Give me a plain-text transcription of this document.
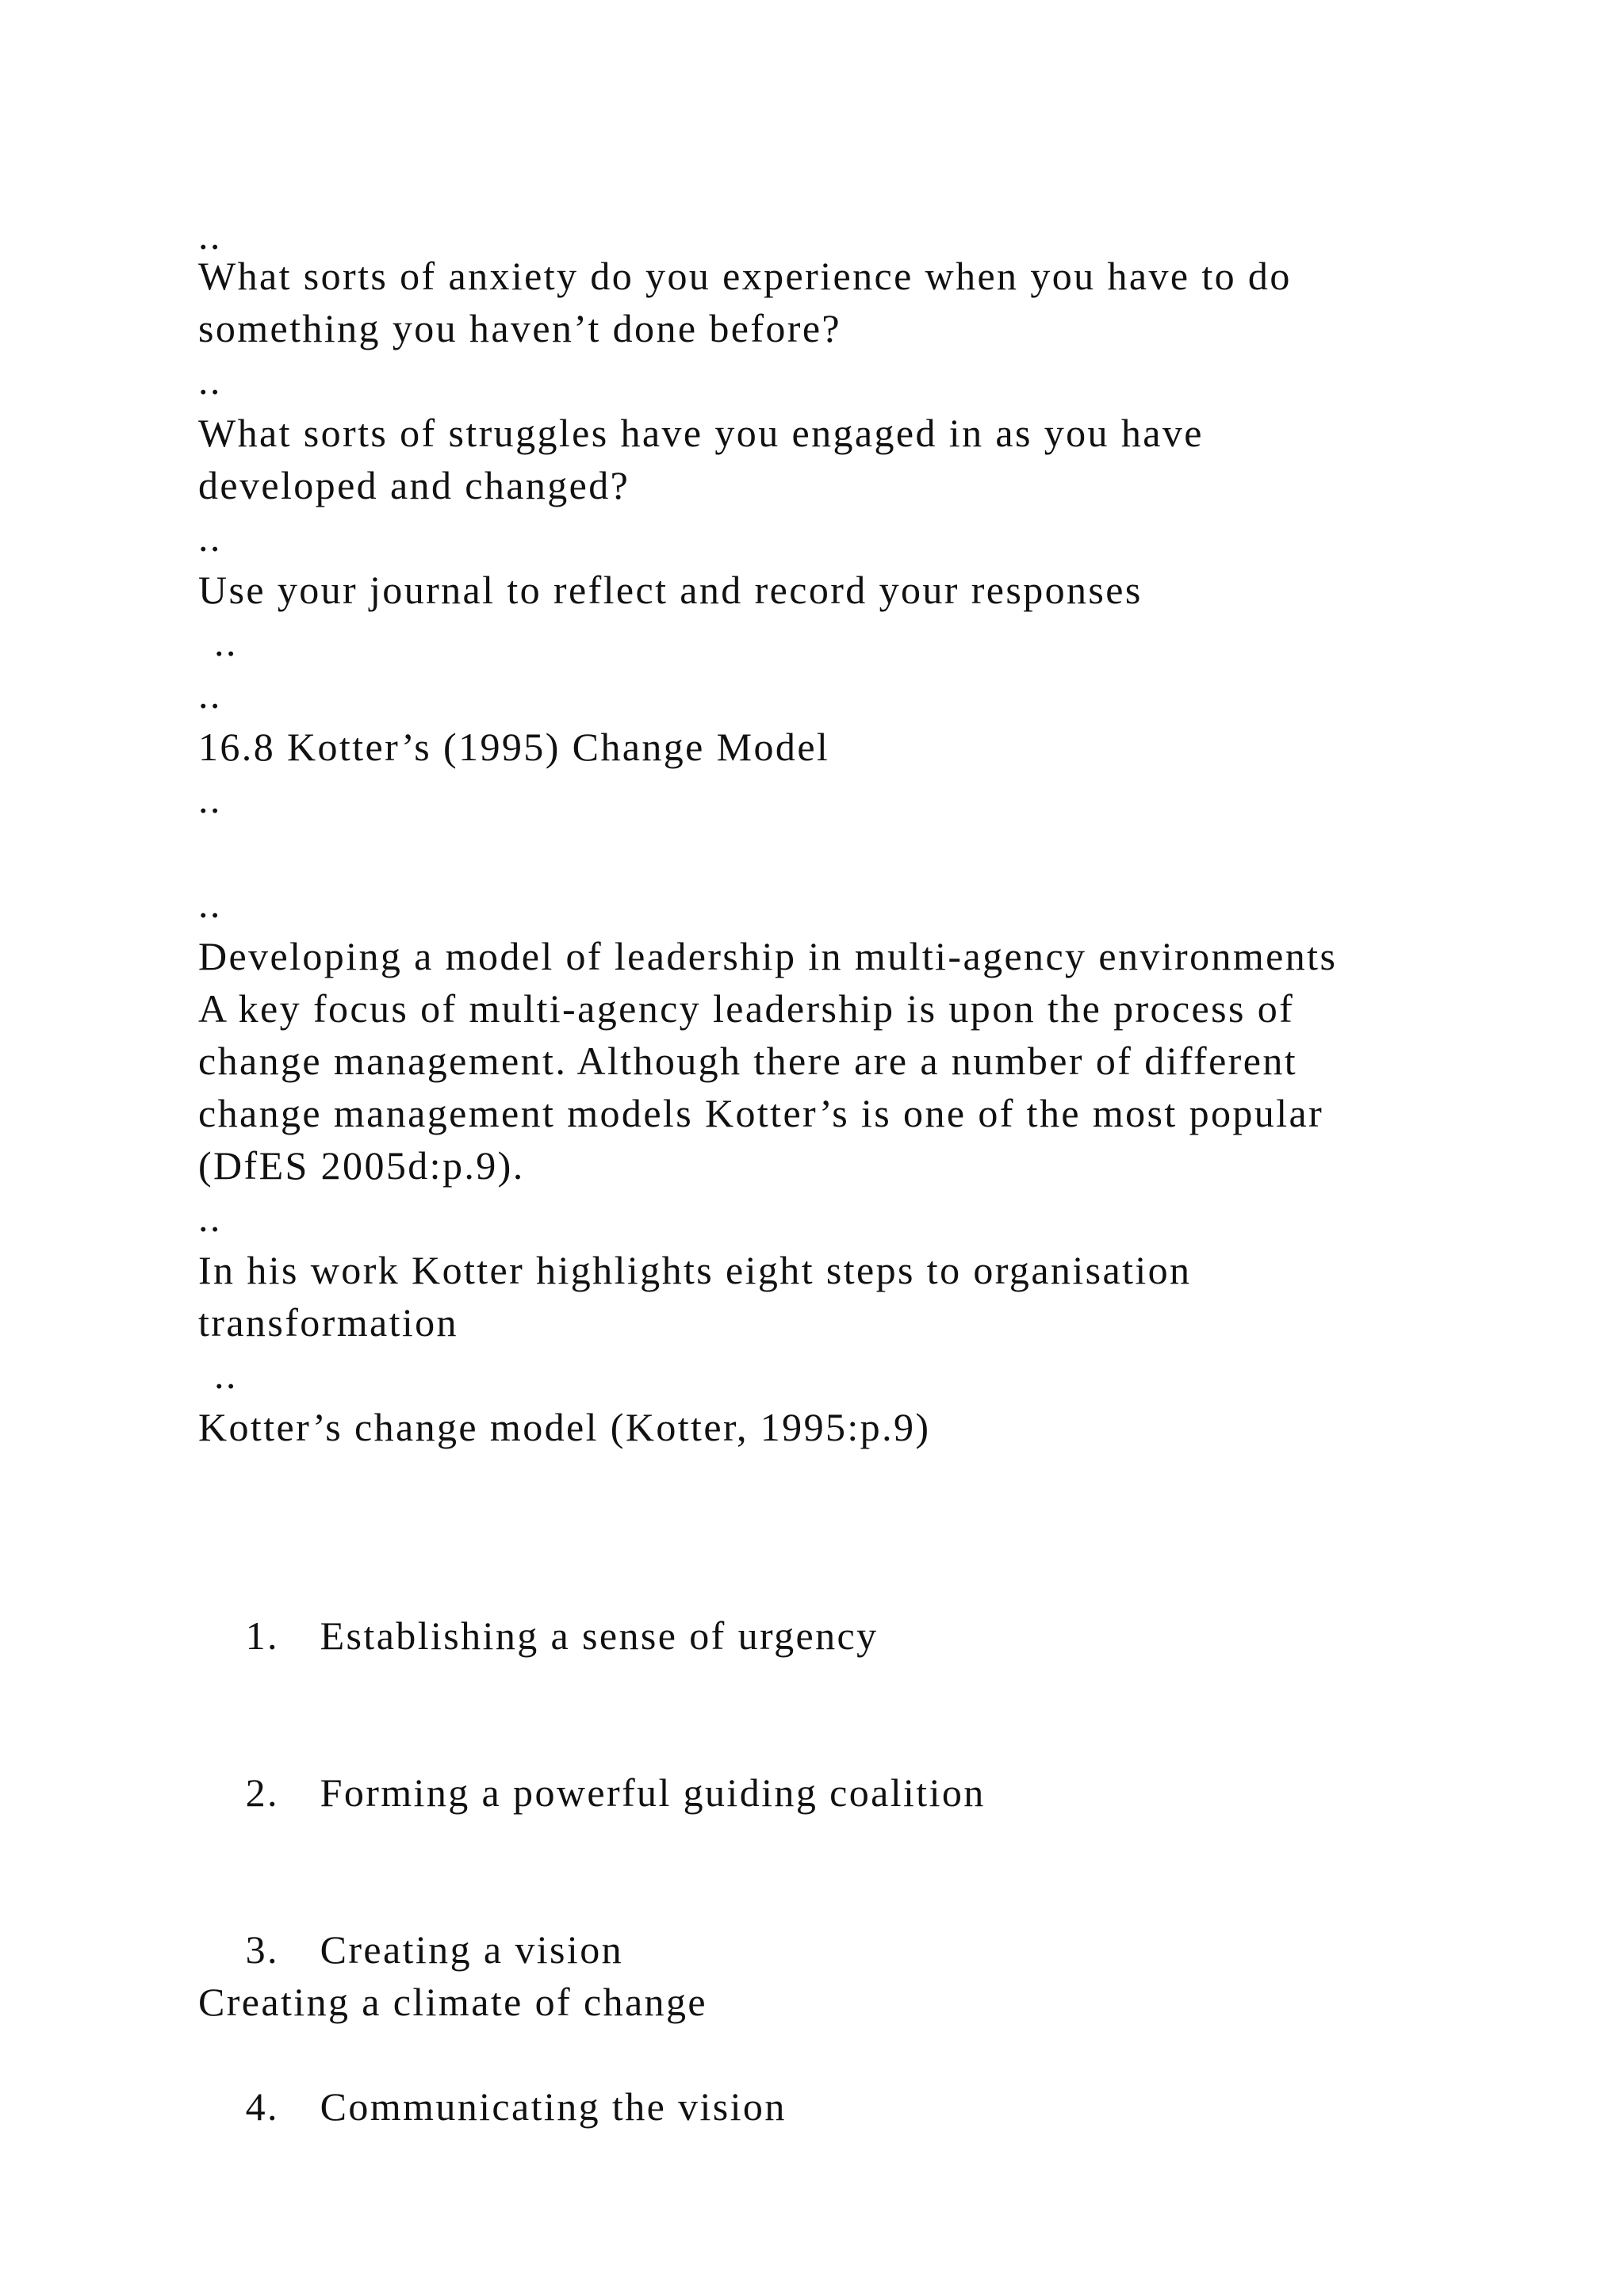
..
What sorts of anxiety do you experience when you have to do
something you haven’t done before?
..
What sorts of struggles have you engaged in as you have
developed and changed?
..
Use your journal to reflect and record your responses
..
..
16.8 Kotter’s (1995) Change Model
..
..
Developing a model of leadership in multi-agency environments
A key focus of multi-agency leadership is upon the process of
change management. Although there are a number of different
change management models Kotter’s is one of the most popular
(DfES 2005d:p.9).
..
In his work Kotter highlights eight steps to organisation
transformation
..
Kotter’s change model (Kotter, 1995:p.9)

1. Establishing a sense of urgency

2. Forming a powerful guiding coalition

3. Creating a vision

Creating a climate of change

4. Communicating the vision
